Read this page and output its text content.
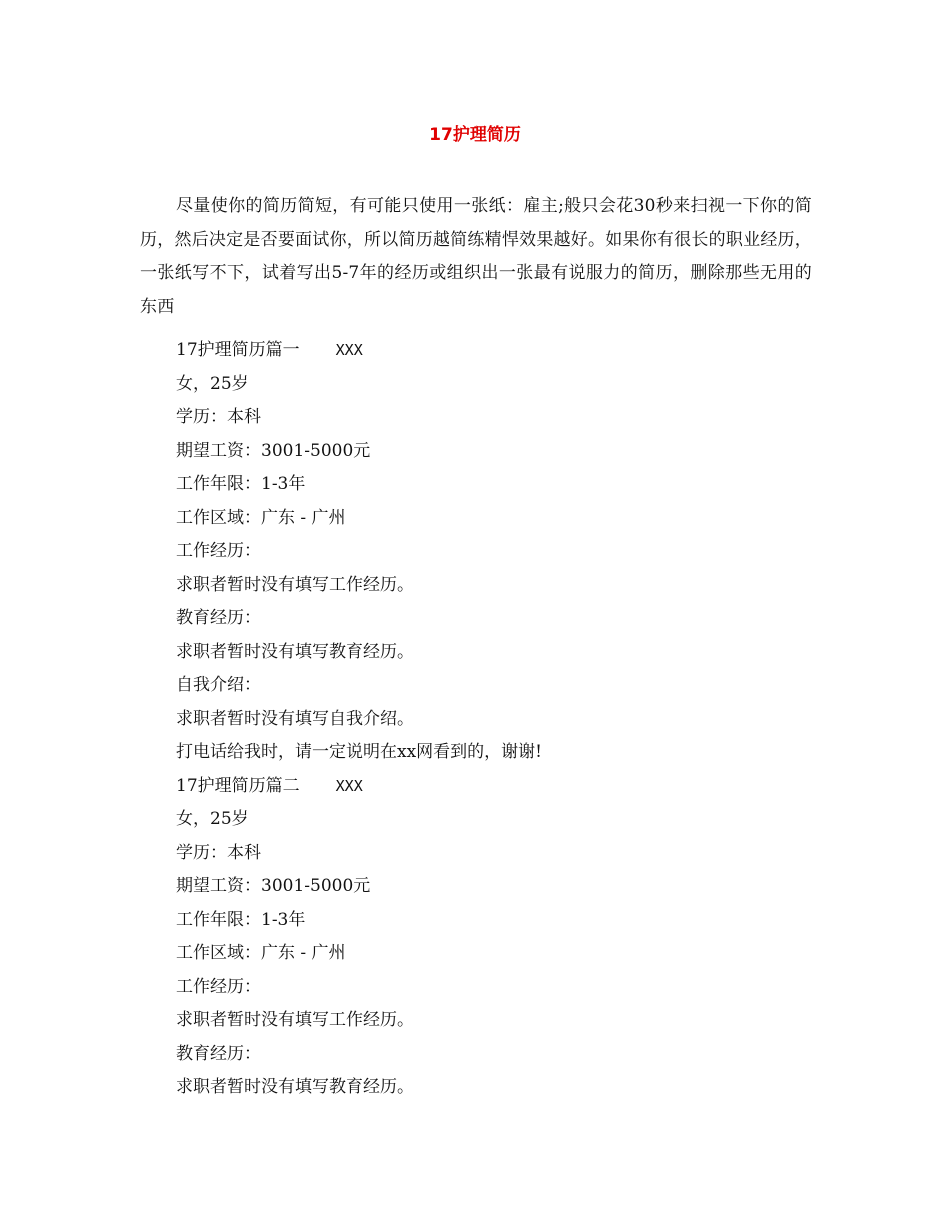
17护理简历

尽量使你的简历简短，有可能只使用一张纸：雇主;般只会花30秒来扫视一下你的简历，然后决定是否要面试你，所以简历越简练精悍效果越好。如果你有很长的职业经历，一张纸写不下，试着写出5-7年的经历或组织出一张最有说服力的简历，删除那些无用的东西

17护理简历篇一 XXX
女，25岁
学历：本科
期望工资：3001-5000元
工作年限：1-3年
工作区域：广东 - 广州
工作经历：
求职者暂时没有填写工作经历。
教育经历：
求职者暂时没有填写教育经历。
自我介绍：
求职者暂时没有填写自我介绍。
打电话给我时，请一定说明在xx网看到的，谢谢!
17护理简历篇二 XXX
女，25岁
学历：本科
期望工资：3001-5000元
工作年限：1-3年
工作区域：广东 - 广州
工作经历：
求职者暂时没有填写工作经历。
教育经历：
求职者暂时没有填写教育经历。
